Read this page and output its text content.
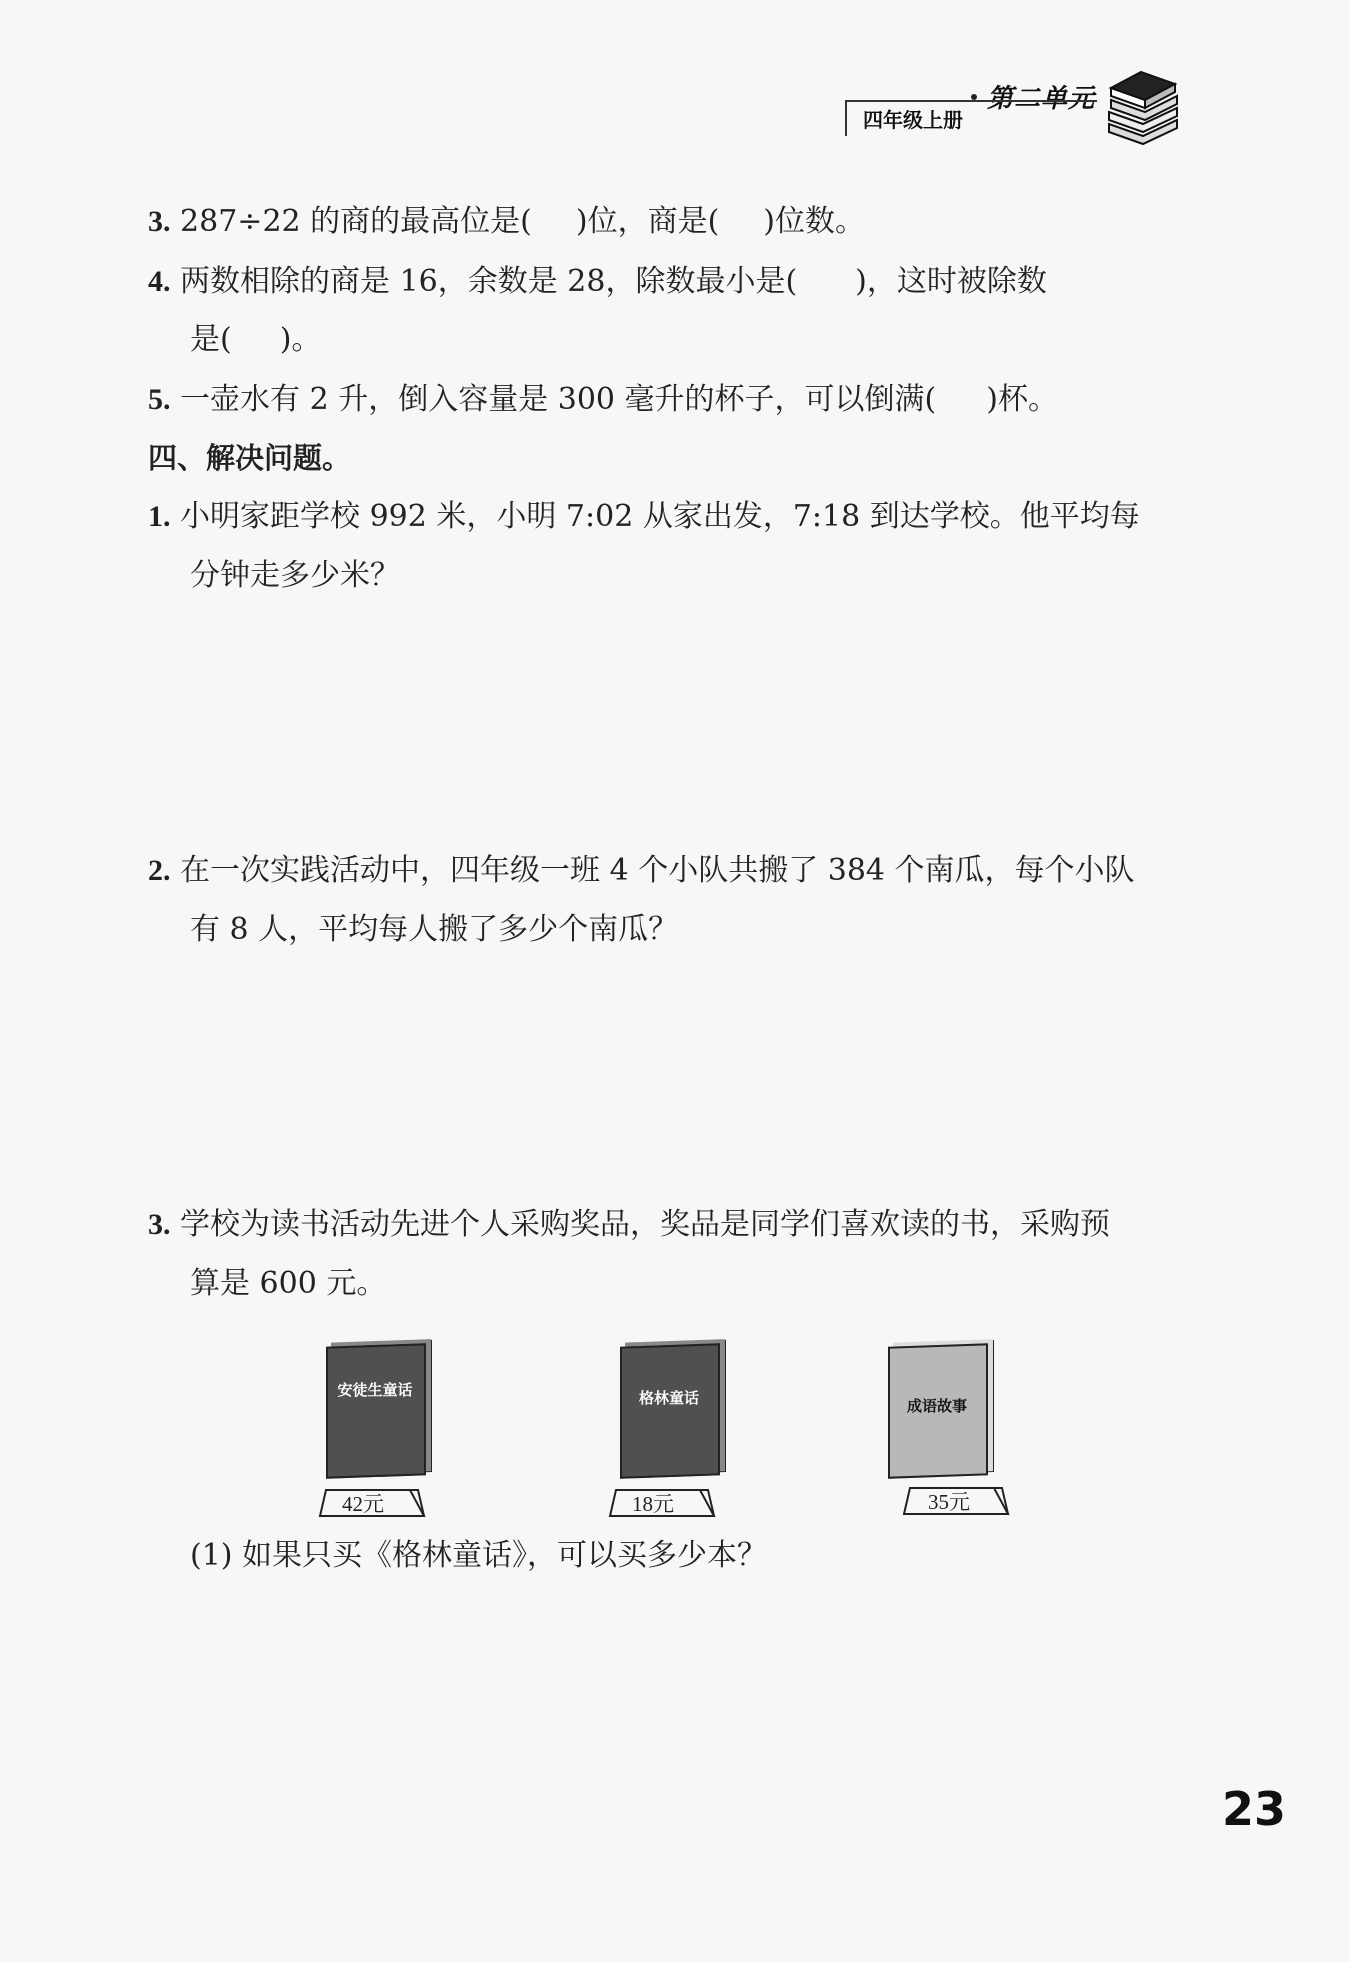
第二单元
四年级上册
3. 287÷22 的商的最高位是( )位，商是( )位数。
4. 两数相除的商是 16，余数是 28，除数最小是( )，这时被除数
是( )。
5. 一壶水有 2 升，倒入容量是 300 毫升的杯子，可以倒满( )杯。
四、解决问题。
1. 小明家距学校 992 米，小明 7:02 从家出发，7:18 到达学校。他平均每
分钟走多少米？
2. 在一次实践活动中，四年级一班 4 个小队共搬了 384 个南瓜，每个小队
有 8 人，平均每人搬了多少个南瓜？
3. 学校为读书活动先进个人采购奖品，奖品是同学们喜欢读的书，采购预
算是 600 元。
安徒生童话	格林童话	成语故事
42元	18元	35元
(1) 如果只买《格林童话》，可以买多少本？
23
